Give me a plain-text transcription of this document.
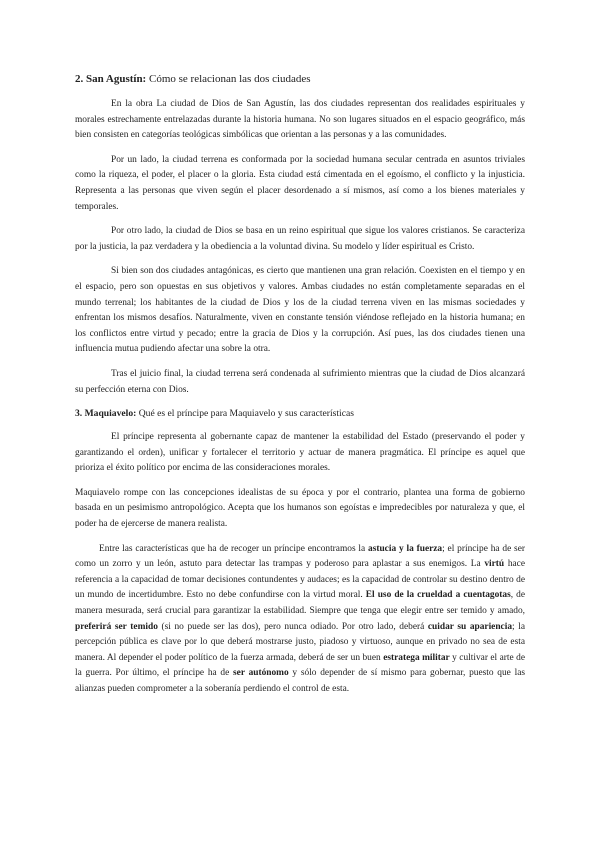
2. San Agustín: Cómo se relacionan las dos ciudades

En la obra La ciudad de Dios de San Agustín, las dos ciudades representan dos realidades espirituales y morales estrechamente entrelazadas durante la historia humana. No son lugares situados en el espacio geográfico, más bien consisten en categorías teológicas simbólicas que orientan a las personas y a las comunidades.

Por un lado, la ciudad terrena es conformada por la sociedad humana secular centrada en asuntos triviales como la riqueza, el poder, el placer o la gloria. Esta ciudad está cimentada en el egoísmo, el conflicto y la injusticia. Representa a las personas que viven según el placer desordenado a sí mismos, así como a los bienes materiales y temporales.

Por otro lado, la ciudad de Dios se basa en un reino espiritual que sigue los valores cristianos. Se caracteriza por la justicia, la paz verdadera y la obediencia a la voluntad divina. Su modelo y líder espiritual es Cristo.

Si bien son dos ciudades antagónicas, es cierto que mantienen una gran relación. Coexisten en el tiempo y en el espacio, pero son opuestas en sus objetivos y valores. Ambas ciudades no están completamente separadas en el mundo terrenal; los habitantes de la ciudad de Dios y los de la ciudad terrena viven en las mismas sociedades y enfrentan los mismos desafíos. Naturalmente, viven en constante tensión viéndose reflejado en la historia humana; en los conflictos entre virtud y pecado; entre la gracia de Dios y la corrupción. Así pues, las dos ciudades tienen una influencia mutua pudiendo afectar una sobre la otra.

Tras el juicio final, la ciudad terrena será condenada al sufrimiento mientras que la ciudad de Dios alcanzará su perfección eterna con Dios.

3. Maquiavelo: Qué es el príncipe para Maquiavelo y sus características

El príncipe representa al gobernante capaz de mantener la estabilidad del Estado (preservando el poder y garantizando el orden), unificar y fortalecer el territorio y actuar de manera pragmática. El príncipe es aquel que prioriza el éxito político por encima de las consideraciones morales.

Maquiavelo rompe con las concepciones idealistas de su época y por el contrario, plantea una forma de gobierno basada en un pesimismo antropológico. Acepta que los humanos son egoístas e impredecibles por naturaleza y que, el poder ha de ejercerse de manera realista.

Entre las características que ha de recoger un príncipe encontramos la astucia y la fuerza; el príncipe ha de ser como un zorro y un león, astuto para detectar las trampas y poderoso para aplastar a sus enemigos. La virtú hace referencia a la capacidad de tomar decisiones contundentes y audaces; es la capacidad de controlar su destino dentro de un mundo de incertidumbre. Esto no debe confundirse con la virtud moral. El uso de la crueldad a cuentagotas, de manera mesurada, será crucial para garantizar la estabilidad. Siempre que tenga que elegir entre ser temido y amado, preferirá ser temido (si no puede ser las dos), pero nunca odiado. Por otro lado, deberá cuidar su apariencia; la percepción pública es clave por lo que deberá mostrarse justo, piadoso y virtuoso, aunque en privado no sea de esta manera. Al depender el poder político de la fuerza armada, deberá de ser un buen estratega militar y cultivar el arte de la guerra. Por último, el príncipe ha de ser autónomo y sólo depender de sí mismo para gobernar, puesto que las alianzas pueden comprometer a la soberanía perdiendo el control de esta.
